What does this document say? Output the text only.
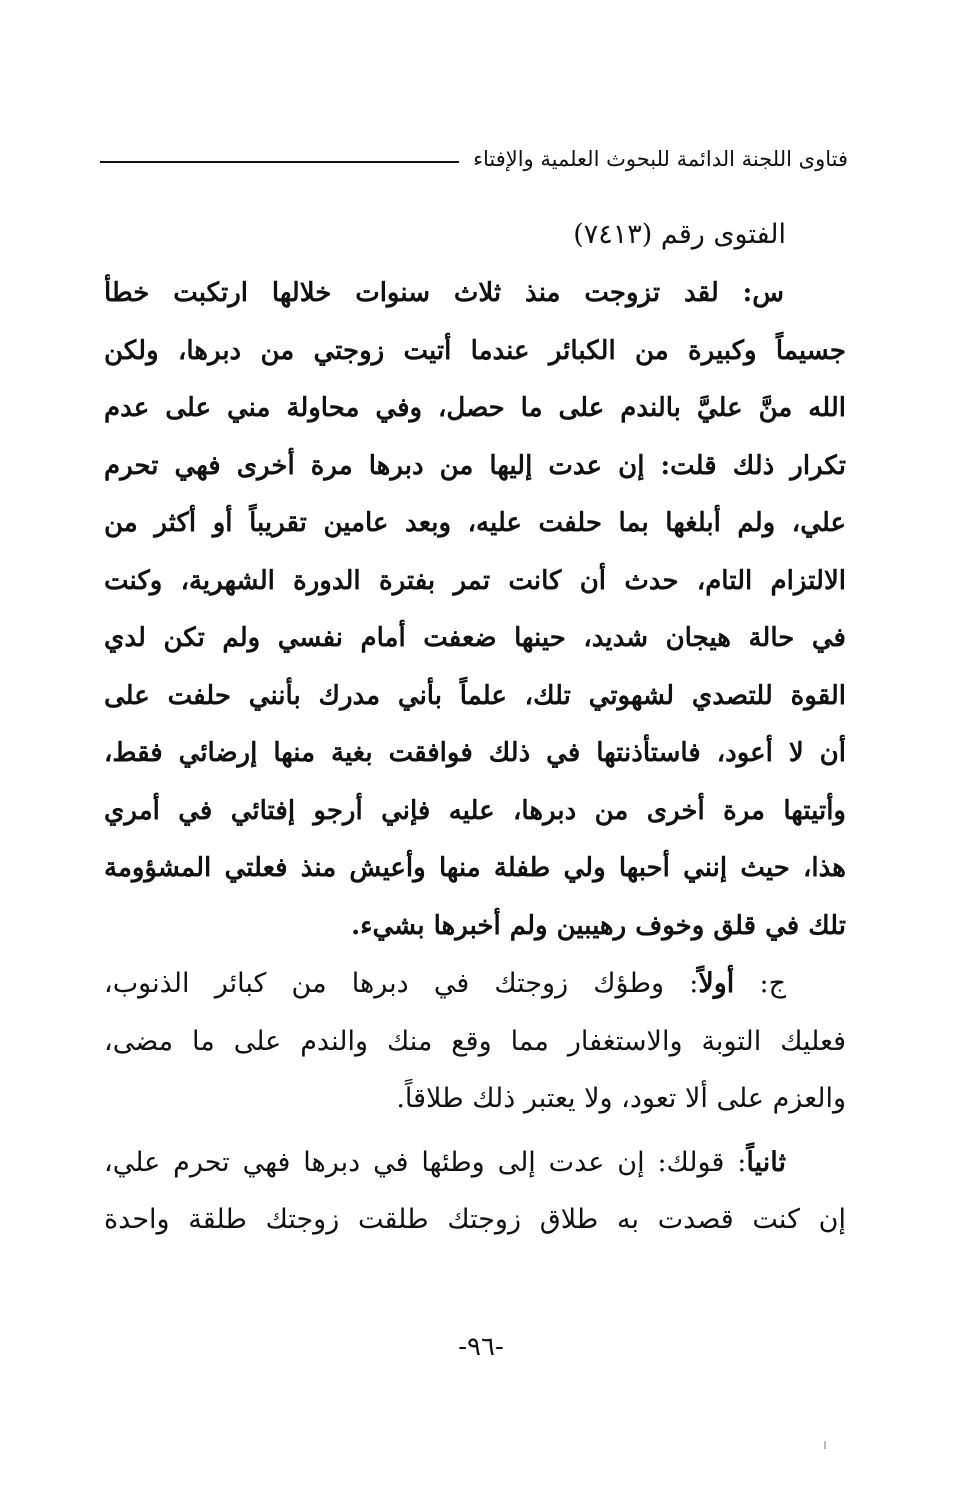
فتاوى اللجنة الدائمة للبحوث العلمية والإفتاء
الفتوى رقم (٧٤١٣)
س: لقد تزوجت منذ ثلاث سنوات خلالها ارتكبت خطأ
جسيماً وكبيرة من الكبائر عندما أتيت زوجتي من دبرها، ولكن
الله منَّ عليَّ بالندم على ما حصل، وفي محاولة مني على عدم
تكرار ذلك قلت: إن عدت إليها من دبرها مرة أخرى فهي تحرم
علي، ولم أبلغها بما حلفت عليه، وبعد عامين تقريباً أو أكثر من
الالتزام التام، حدث أن كانت تمر بفترة الدورة الشهرية، وكنت
في حالة هيجان شديد، حينها ضعفت أمام نفسي ولم تكن لدي
القوة للتصدي لشهوتي تلك، علماً بأني مدرك بأنني حلفت على
أن لا أعود، فاستأذنتها في ذلك فوافقت بغية منها إرضائي فقط،
وأتيتها مرة أخرى من دبرها، عليه فإني أرجو إفتائي في أمري
هذا، حيث إنني أحبها ولي طفلة منها وأعيش منذ فعلتي المشؤومة
تلك في قلق وخوف رهيبين ولم أخبرها بشيء.
ج: أولاً: وطؤك زوجتك في دبرها من كبائر الذنوب،
فعليك التوبة والاستغفار مما وقع منك والندم على ما مضى،
والعزم على ألا تعود، ولا يعتبر ذلك طلاقاً.
ثانياً: قولك: إن عدت إلى وطئها في دبرها فهي تحرم علي،
إن كنت قصدت به طلاق زوجتك طلقت زوجتك طلقة واحدة
-٩٦-
